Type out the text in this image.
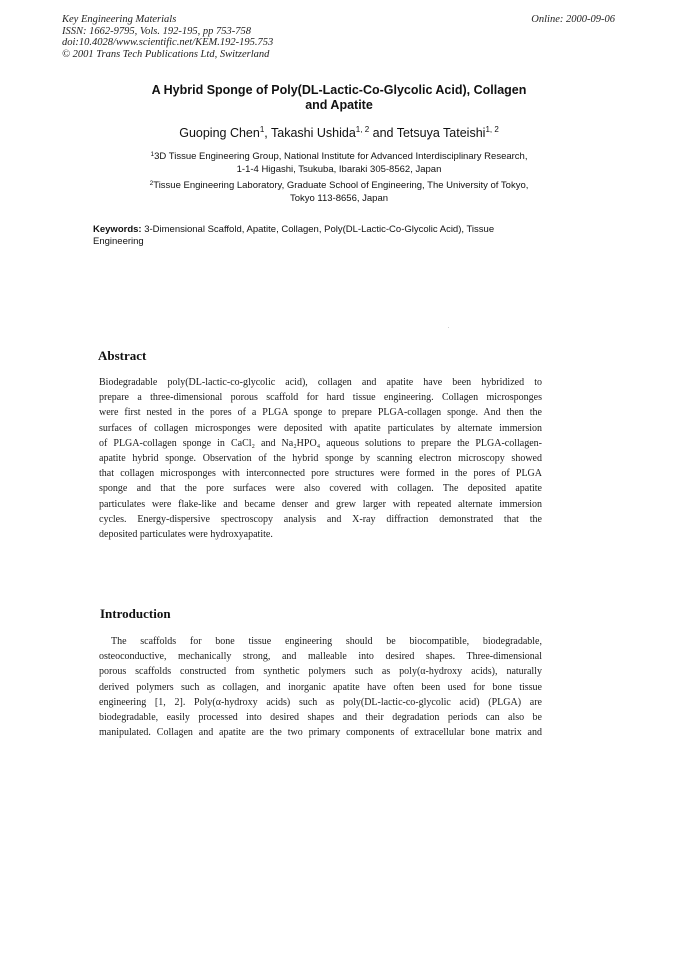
Key Engineering Materials
ISSN: 1662-9795, Vols. 192-195, pp 753-758
doi:10.4028/www.scientific.net/KEM.192-195.753
© 2001 Trans Tech Publications Ltd, Switzerland
Online: 2000-09-06
A Hybrid Sponge of Poly(DL-Lactic-Co-Glycolic Acid), Collagen
and Apatite
Guoping Chen$^1$, Takashi Ushida$^{1, 2}$ and Tetsuya Tateishi$^{1, 2}$
$^1$3D Tissue Engineering Group, National Institute for Advanced Interdisciplinary Research,
1-1-4 Higashi, Tsukuba, Ibaraki 305-8562, Japan
$^2$Tissue Engineering Laboratory, Graduate School of Engineering, The University of Tokyo,
Tokyo 113-8656, Japan
Keywords: 3-Dimensional Scaffold, Apatite, Collagen, Poly(DL-Lactic-Co-Glycolic Acid), Tissue
Engineering
Abstract
Biodegradable poly(DL-lactic-co-glycolic acid), collagen and apatite have been hybridized to
prepare a three-dimensional porous scaffold for hard tissue engineering. Collagen microsponges
were first nested in the pores of a PLGA sponge to prepare PLGA-collagen sponge. And then the
surfaces of collagen microsponges were deposited with apatite particulates by alternate immersion
of PLGA-collagen sponge in CaCl₂ and Na₂HPO₄ aqueous solutions to prepare the PLGA-collagen-
apatite hybrid sponge. Observation of the hybrid sponge by scanning electron microscopy showed
that collagen microsponges with interconnected pore structures were formed in the pores of PLGA
sponge and that the pore surfaces were also covered with collagen. The deposited apatite
particulates were flake-like and became denser and grew larger with repeated alternate immersion
cycles. Energy-dispersive spectroscopy analysis and X-ray diffraction demonstrated that the
deposited particulates were hydroxyapatite.
Introduction
The scaffolds for bone tissue engineering should be biocompatible, biodegradable,
osteoconductive, mechanically strong, and malleable into desired shapes. Three-dimensional
porous scaffolds constructed from synthetic polymers such as poly(α-hydroxy acids), naturally
derived polymers such as collagen, and inorganic apatite have often been used for bone tissue
engineering [1, 2]. Poly(α-hydroxy acids) such as poly(DL-lactic-co-glycolic acid) (PLGA) are
biodegradable, easily processed into desired shapes and their degradation periods can also be
manipulated. Collagen and apatite are the two primary components of extracellular bone matrix and
